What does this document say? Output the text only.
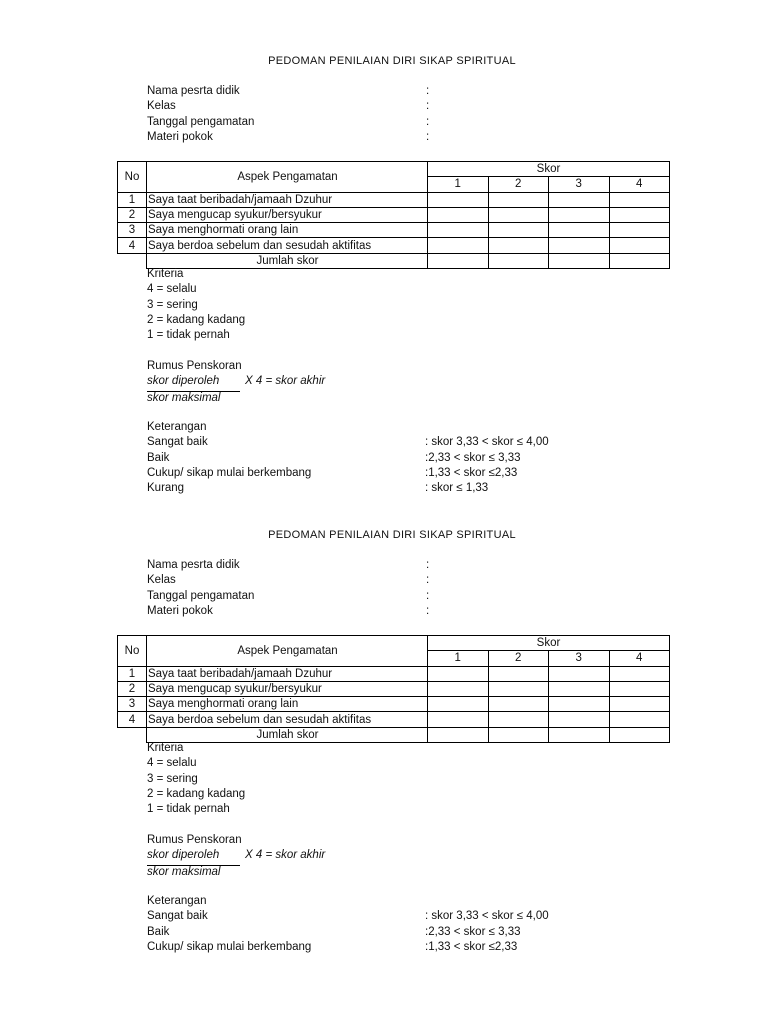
PEDOMAN PENILAIAN DIRI SIKAP SPIRITUAL
Nama pesrta didik	:
Kelas	:
Tanggal pengamatan	:
Materi pokok	:
No	Aspek Pengamatan	Skor			
		1	2	3	4
1	Saya taat beribadah/jamaah Dzuhur				
2	Saya mengucap syukur/bersyukur				
3	Saya menghormati orang lain				
4	Saya berdoa sebelum dan sesudah aktifitas				
	Jumlah skor				
Kriteria
4 = selalu
3 = sering
2 = kadang kadang
1 = tidak pernah
Rumus Penskoran
skor diperoleh X 4 = skor akhir
skor maksimal
Keterangan
Sangat baik	: skor 3,33 < skor ≤ 4,00
Baik	:2,33 < skor ≤ 3,33
Cukup/ sikap mulai berkembang	:1,33 < skor ≤2,33
Kurang	: skor ≤ 1,33
PEDOMAN PENILAIAN DIRI SIKAP SPIRITUAL
Nama pesrta didik	:
Kelas	:
Tanggal pengamatan	:
Materi pokok	:
No	Aspek Pengamatan	Skor			
		1	2	3	4
1	Saya taat beribadah/jamaah Dzuhur				
2	Saya mengucap syukur/bersyukur				
3	Saya menghormati orang lain				
4	Saya berdoa sebelum dan sesudah aktifitas				
	Jumlah skor				
Kriteria
4 = selalu
3 = sering
2 = kadang kadang
1 = tidak pernah
Rumus Penskoran
skor diperoleh X 4 = skor akhir
skor maksimal
Keterangan
Sangat baik	: skor 3,33 < skor ≤ 4,00
Baik	:2,33 < skor ≤ 3,33
Cukup/ sikap mulai berkembang	:1,33 < skor ≤2,33
